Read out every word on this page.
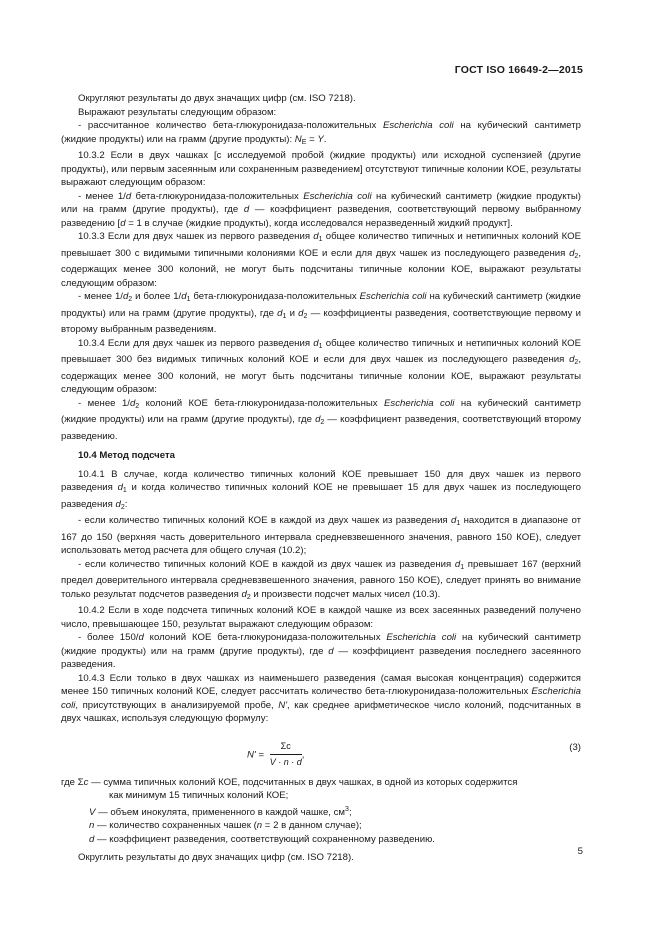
ГОСТ ISO 16649-2—2015

Округляют результаты до двух значащих цифр (см. ISO 7218).

Выражают результаты следующим образом:

- рассчитанное количество бета-глюкуронидаза-положительных Escherichia coli на кубический сантиметр (жидкие продукты) или на грамм (другие продукты): $N_E = Y$.

10.3.2 Если в двух чашках [с исследуемой пробой (жидкие продукты) или исходной суспензией (другие продукты), или первым засеянным или сохраненным разведением] отсутствуют типичные колонии КОЕ, результаты выражают следующим образом:

- менее 1/d бета-глюкуронидаза-положительных Escherichia coli на кубический сантиметр (жидкие продукты) или на грамм (другие продукты), где d — коэффициент разведения, соответствующий первому выбранному разведению [d = 1 в случае (жидкие продукты), когда исследовался неразведенный жидкий продукт].

10.3.3 Если для двух чашек из первого разведения $d_1$ общее количество типичных и нетипичных колоний КОЕ превышает 300 с видимыми типичными колониями КОЕ и если для двух чашек из последующего разведения $d_2$, содержащих менее 300 колоний, не могут быть подсчитаны типичные колонии КОЕ, выражают результаты следующим образом:

- менее $1/d_2$ и более $1/d_1$ бета-глюкуронидаза-положительных Escherichia coli на кубический сантиметр (жидкие продукты) или на грамм (другие продукты), где $d_1$ и $d_2$ — коэффициенты разведения, соответствующие первому и второму выбранным разведениям.

10.3.4 Если для двух чашек из первого разведения $d_1$ общее количество типичных и нетипичных колоний КОЕ превышает 300 без видимых типичных колоний КОЕ и если для двух чашек из последующего разведения $d_2$, содержащих менее 300 колоний, не могут быть подсчитаны типичные колонии КОЕ, выражают результаты следующим образом:

- менее $1/d_2$ колоний КОЕ бета-глюкуронидаза-положительных Escherichia coli на кубический сантиметр (жидкие продукты) или на грамм (другие продукты), где $d_2$ — коэффициент разведения, соответствующий второму разведению.

10.4 Метод подсчета

10.4.1 В случае, когда количество типичных колоний КОЕ превышает 150 для двух чашек из первого разведения $d_1$ и когда количество типичных колоний КОЕ не превышает 15 для двух чашек из последующего разведения $d_2$:

- если количество типичных колоний КОЕ в каждой из двух чашек из разведения $d_1$ находится в диапазоне от 167 до 150 (верхняя часть доверительного интервала средневзвешенного значения, равного 150 КОЕ), следует использовать метод расчета для общего случая (10.2);

- если количество типичных колоний КОЕ в каждой из двух чашек из разведения $d_1$ превышает 167 (верхний предел доверительного интервала средневзвешенного значения, равного 150 КОЕ), следует принять во внимание только результат подсчетов разведения $d_2$ и произвести подсчет малых чисел (10.3).

10.4.2 Если в ходе подсчета типичных колоний КОЕ в каждой чашке из всех засеянных разведений получено число, превышающее 150, результат выражают следующим образом:

- более 150/d колоний КОЕ бета-глюкуронидаза-положительных Escherichia coli на кубический сантиметр (жидкие продукты) или на грамм (другие продукты), где d — коэффициент разведения последнего засеянного разведения.

10.4.3 Если только в двух чашках из наименьшего разведения (самая высокая концентрация) содержится менее 150 типичных колоний КОЕ, следует рассчитать количество бета-глюкуронидаза-положительных Escherichia coli, присутствующих в анализируемой пробе, N', как среднее арифметическое число колоний, подсчитанных в двух чашках, используя следующую формулу:

$N' = \frac{\Sigma c}{V \cdot n \cdot d}$ ,
(3)
где Σc — сумма типичных колоний КОЕ, подсчитанных в двух чашках, в одной из которых содержится
как минимум 15 типичных колоний КОЕ;
V — объем инокулята, примененного в каждой чашке, $см^3$;
n — количество сохраненных чашек (n = 2 в данном случае);
d — коэффициент разведения, соответствующий сохраненному разведению.

Округлить результаты до двух значащих цифр (см. ISO 7218).

5
